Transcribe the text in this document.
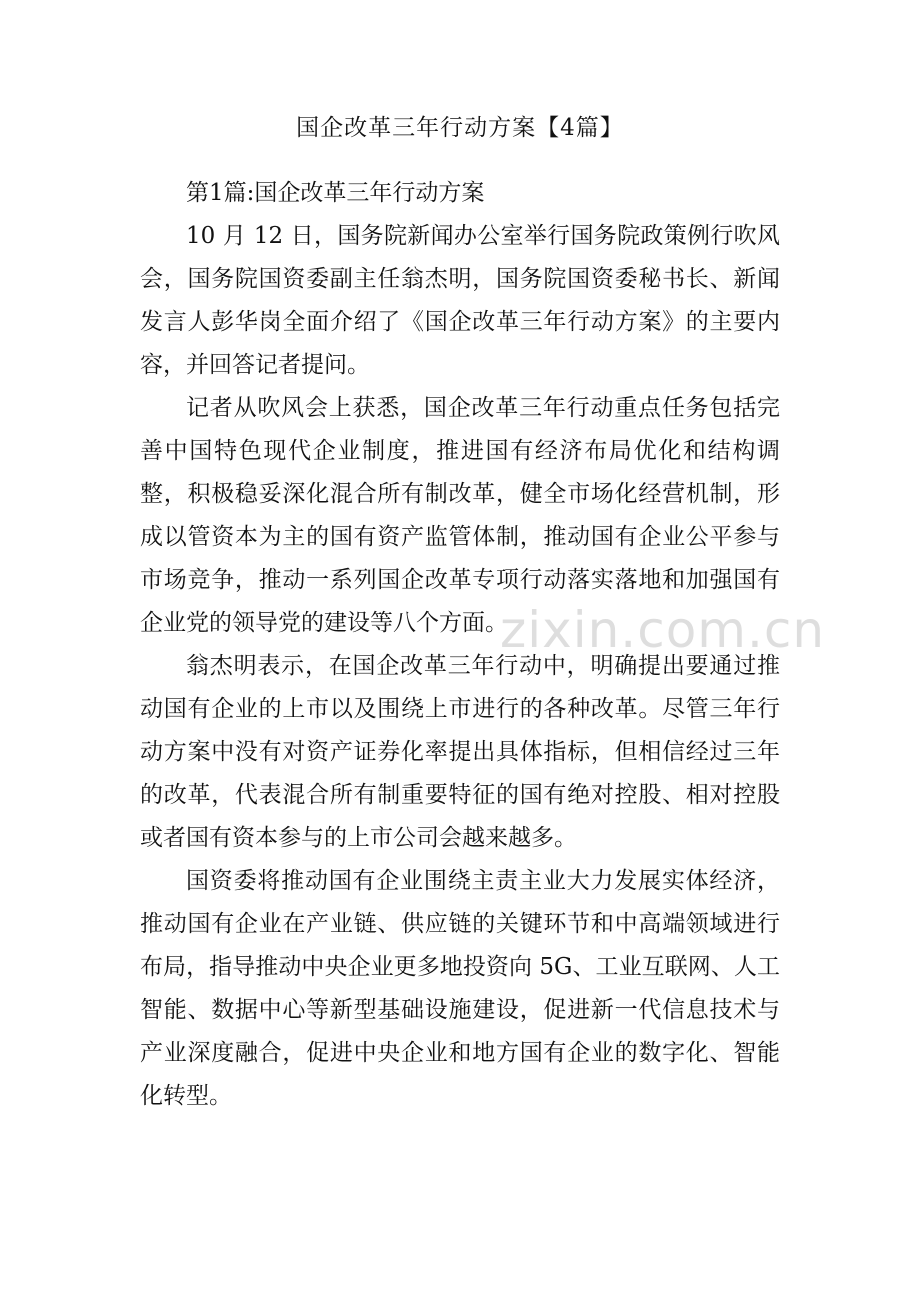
国企改革三年行动方案【4篇】

第1篇:国企改革三年行动方案

10 月 12 日，国务院新闻办公室举行国务院政策例行吹风会，国务院国资委副主任翁杰明，国务院国资委秘书长、新闻发言人彭华岗全面介绍了《国企改革三年行动方案》的主要内容，并回答记者提问。

记者从吹风会上获悉，国企改革三年行动重点任务包括完善中国特色现代企业制度，推进国有经济布局优化和结构调整，积极稳妥深化混合所有制改革，健全市场化经营机制，形成以管资本为主的国有资产监管体制，推动国有企业公平参与市场竞争，推动一系列国企改革专项行动落实落地和加强国有企业党的领导党的建设等八个方面。

翁杰明表示，在国企改革三年行动中，明确提出要通过推动国有企业的上市以及围绕上市进行的各种改革。尽管三年行动方案中没有对资产证券化率提出具体指标，但相信经过三年的改革，代表混合所有制重要特征的国有绝对控股、相对控股或者国有资本参与的上市公司会越来越多。

国资委将推动国有企业围绕主责主业大力发展实体经济，推动国有企业在产业链、供应链的关键环节和中高端领域进行布局，指导推动中央企业更多地投资向 5G、工业互联网、人工智能、数据中心等新型基础设施建设，促进新一代信息技术与产业深度融合，促进中央企业和地方国有企业的数字化、智能化转型。

zixin.com.cn
